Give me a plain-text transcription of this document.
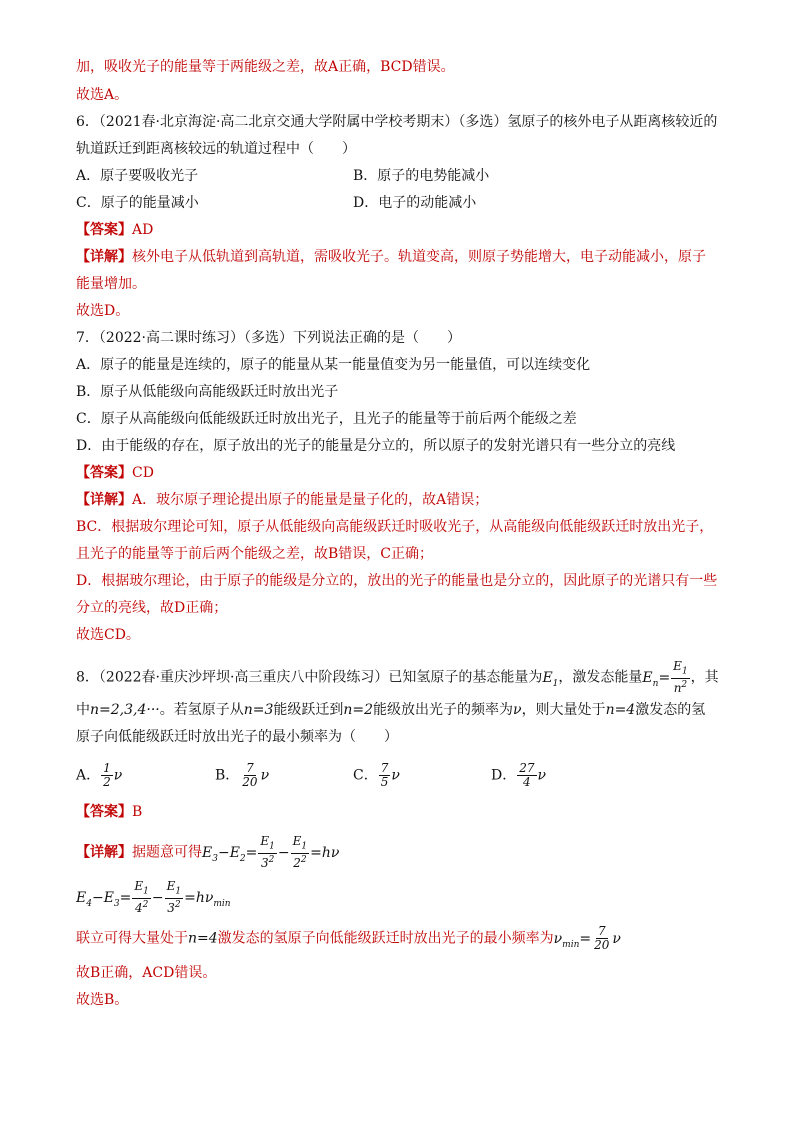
加，吸收光子的能量等于两能级之差，故A正确，BCD错误。
故选A。
6．（2021春·北京海淀·高二北京交通大学附属中学校考期末）（多选）氢原子的核外电子从距离核较近的
轨道跃迁到距离核较远的轨道过程中（　　）
A．原子要吸收光子	B．原子的电势能减小
C．原子的能量减小	D．电子的动能减小
【答案】AD
【详解】核外电子从低轨道到高轨道，需吸收光子。轨道变高，则原子势能增大，电子动能减小，原子
能量增加。
故选D。
7．（2022·高二课时练习）（多选）下列说法正确的是（　　）
A．原子的能量是连续的，原子的能量从某一能量值变为另一能量值，可以连续变化
B．原子从低能级向高能级跃迁时放出光子
C．原子从高能级向低能级跃迁时放出光子，且光子的能量等于前后两个能级之差
D．由于能级的存在，原子放出的光子的能量是分立的，所以原子的发射光谱只有一些分立的亮线
【答案】CD
【详解】A．玻尔原子理论提出原子的能量是量子化的，故A错误；
BC．根据玻尔理论可知，原子从低能级向高能级跃迁时吸收光子，从高能级向低能级跃迁时放出光子，
且光子的能量等于前后两个能级之差，故B错误，C正确；
D．根据玻尔理论，由于原子的能级是分立的，放出的光子的能量也是分立的，因此原子的光谱只有一些
分立的亮线，故D正确；
故选CD。
8．（2022春·重庆沙坪坝·高三重庆八中阶段练习）已知氢原子的基态能量为$E_1$，激发态能量$E_n= \frac{E_1}{n^2}$ ，其
中n=2,3,4···。若氢原子从n=3能级跃迁到n=2能级放出光子的频率为ν，则大量处于n=4激发态的氢
原子向低能级跃迁时放出光子的最小频率为（　　）
A． $\frac{1}{2}$ ν	B． $\frac{7}{20}$ ν	C． $\frac{7}{5}$ ν	D． $\frac{27}{4}$ ν
【答案】B
【详解】据题意可得$E_3-E_2= \frac{E_1}{3^2} - \frac{E_1}{2^2} =h\nu$
$E_4-E_3= \frac{E_1}{4^2} - \frac{E_1}{3^2} =h\nu_{min}$
联立可得大量处于n=4激发态的氢原子向低能级跃迁时放出光子的最小频率为$\nu_{min}= \frac{7}{20}$ ν
故B正确，ACD错误。
故选B。
